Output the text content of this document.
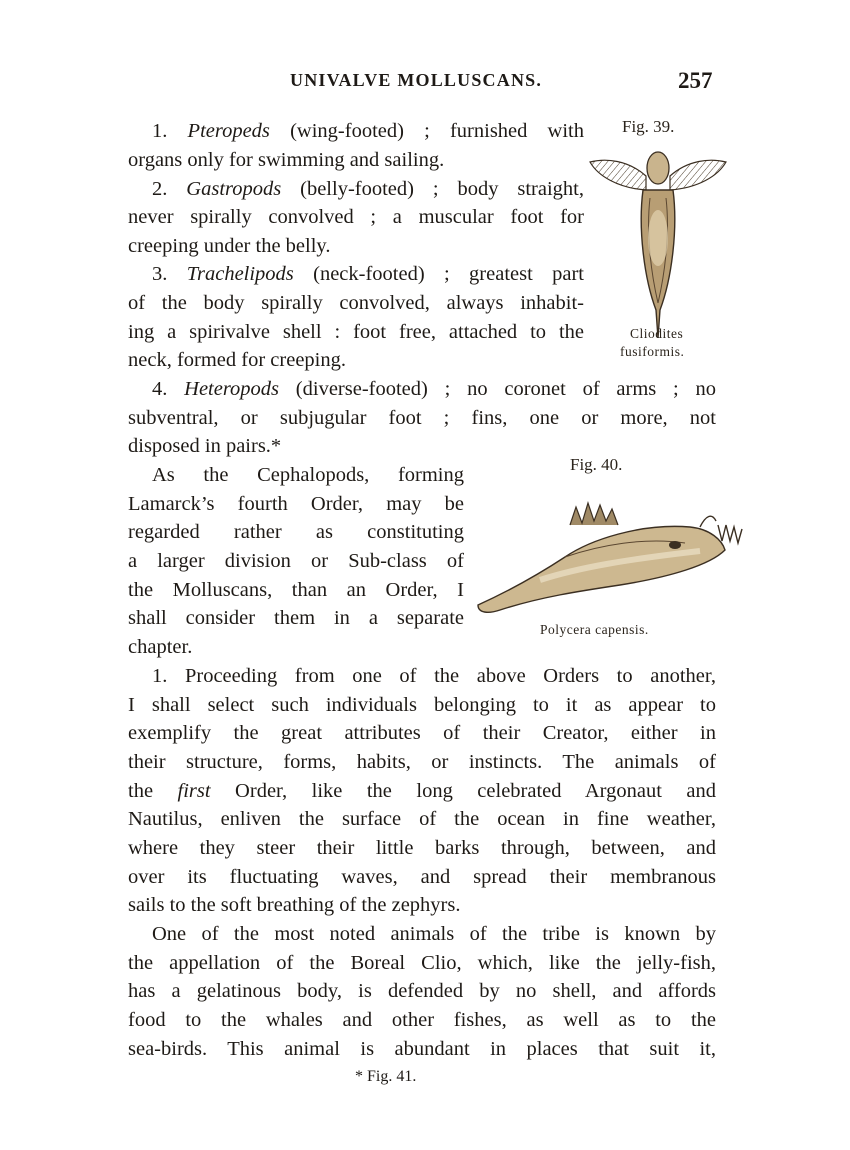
UNIVALVE MOLLUSCANS.	257
Fig. 39.
Cliodites
fusiformis.
Fig. 40.
Polycera capensis.
1. Pteropeds (wing-footed) ; furnished with
organs only for swimming and sailing.
2. Gastropods (belly-footed) ; body straight,
never spirally convolved ; a muscular foot for
creeping under the belly.
3. Trachelipods (neck-footed) ; greatest part
of the body spirally convolved, always inhabit-
ing a spirivalve shell : foot free, attached to the
neck, formed for creeping.
4. Heteropods (diverse-footed) ; no coronet of arms ; no
subventral, or subjugular foot ; fins, one or more, not
disposed in pairs.*
As the Cephalopods, forming
Lamarck’s fourth Order, may be
regarded rather as constituting
a larger division or Sub-class of
the Molluscans, than an Order, I
shall consider them in a separate
chapter.
1. Proceeding from one of the above Orders to another,
I shall select such individuals belonging to it as appear to
exemplify the great attributes of their Creator, either in
their structure, forms, habits, or instincts. The animals of
the first Order, like the long celebrated Argonaut and
Nautilus, enliven the surface of the ocean in fine weather,
where they steer their little barks through, between, and
over its fluctuating waves, and spread their membranous
sails to the soft breathing of the zephyrs.
One of the most noted animals of the tribe is known by
the appellation of the Boreal Clio, which, like the jelly-fish,
has a gelatinous body, is defended by no shell, and affords
food to the whales and other fishes, as well as to the
sea-birds. This animal is abundant in places that suit it,
* Fig. 41.
